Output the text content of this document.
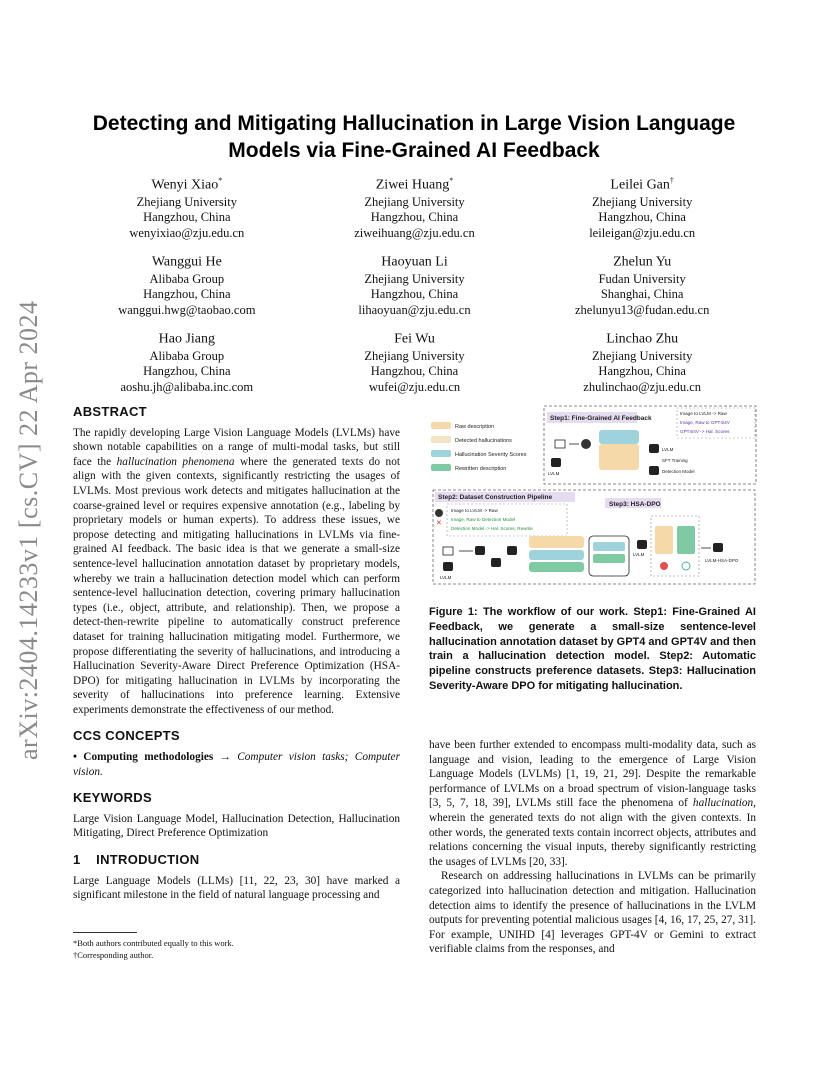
arXiv:2404.14233v1 [cs.CV] 22 Apr 2024
Detecting and Mitigating Hallucination in Large Vision Language Models via Fine-Grained AI Feedback
Wenyi Xiao*
Zhejiang University
Hangzhou, China
wenyixiao@zju.edu.cn
Ziwei Huang*
Zhejiang University
Hangzhou, China
ziweihuang@zju.edu.cn
Leilei Gan†
Zhejiang University
Hangzhou, China
leileigan@zju.edu.cn
Wanggui He
Alibaba Group
Hangzhou, China
wanggui.hwg@taobao.com
Haoyuan Li
Zhejiang University
Hangzhou, China
lihaoyuan@zju.edu.cn
Zhelun Yu
Fudan University
Shanghai, China
zhelunyu13@fudan.edu.cn
Hao Jiang
Alibaba Group
Hangzhou, China
aoshu.jh@alibaba.inc.com
Fei Wu
Zhejiang University
Hangzhou, China
wufei@zju.edu.cn
Linchao Zhu
Zhejiang University
Hangzhou, China
zhulinchao@zju.edu.cn
ABSTRACT

The rapidly developing Large Vision Language Models (LVLMs) have shown notable capabilities on a range of multi-modal tasks, but still face the hallucination phenomena where the generated texts do not align with the given contexts, significantly restricting the usages of LVLMs. Most previous work detects and mitigates hallucination at the coarse-grained level or requires expensive annotation (e.g., labeling by proprietary models or human experts). To address these issues, we propose detecting and mitigating hallucinations in LVLMs via fine-grained AI feedback. The basic idea is that we generate a small-size sentence-level hallucination annotation dataset by proprietary models, whereby we train a hallucination detection model which can perform sentence-level hallucination detection, covering primary hallucination types (i.e., object, attribute, and relationship). Then, we propose a detect-then-rewrite pipeline to automatically construct preference dataset for training hallucination mitigating model. Furthermore, we propose differentiating the severity of hallucinations, and introducing a Hallucination Severity-Aware Direct Preference Optimization (HSA-DPO) for mitigating hallucination in LVLMs by incorporating the severity of hallucinations into preference learning. Extensive experiments demonstrate the effectiveness of our method.

CCS CONCEPTS

• Computing methodologies → Computer vision tasks; Computer vision.

KEYWORDS

Large Vision Language Model, Hallucination Detection, Hallucination Mitigating, Direct Preference Optimization

1    INTRODUCTION

Large Language Models (LLMs) [11, 22, 23, 30] have marked a significant milestone in the field of natural language processing and

*Both authors contributed equally to this work.
†Corresponding author.
Step1: Fine-Grained AI Feedback
Raw description
Detected hallucinations
Hallucination Severity Scores
Rewritten description
Image to LVLM -> Raw
Image, Raw to GPT4/4V
GPT4/4V -> Hal. Scores
LVLM
LVLM
SFT Training
Detection Model
Step2: Dataset Construction Pipeline
Step3: HSA-DPO
Image to LVLM -> Raw
Image, Raw to Detection Model
Detection Model -> Hal. Scores, Rewrite
✕
LVLM
LVLM
LVLM-HSA-DPO
Figure 1: The workflow of our work. Step1: Fine-Grained AI Feedback, we generate a small-size sentence-level hallucination annotation dataset by GPT4 and GPT4V and then train a hallucination detection model. Step2: Automatic pipeline constructs preference datasets. Step3: Hallucination Severity-Aware DPO for mitigating hallucination.

have been further extended to encompass multi-modality data, such as language and vision, leading to the emergence of Large Vision Language Models (LVLMs) [1, 19, 21, 29]. Despite the remarkable performance of LVLMs on a broad spectrum of vision-language tasks [3, 5, 7, 18, 39], LVLMs still face the phenomena of hallucination, wherein the generated texts do not align with the given contexts. In other words, the generated texts contain incorrect objects, attributes and relations concerning the visual inputs, thereby significantly restricting the usages of LVLMs [20, 33].

Research on addressing hallucinations in LVLMs can be primarily categorized into hallucination detection and mitigation. Hallucination detection aims to identify the presence of hallucinations in the LVLM outputs for preventing potential malicious usages [4, 16, 17, 25, 27, 31]. For example, UNIHD [4] leverages GPT-4V or Gemini to extract verifiable claims from the responses, and
